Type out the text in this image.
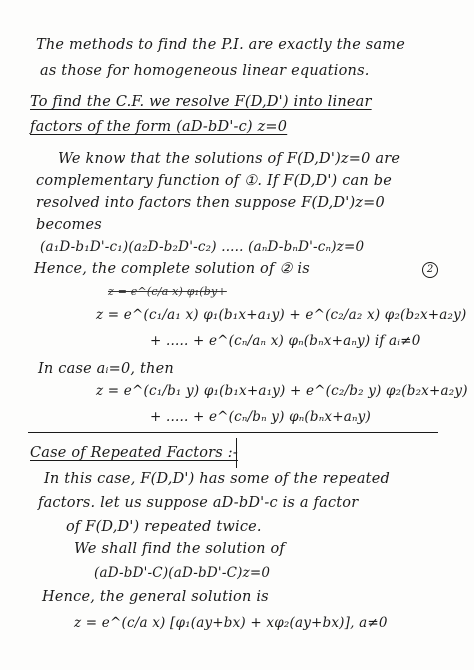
The methods to find the P.I. are exactly the same
as those for homogeneous linear equations.
To find the C.F. we resolve F(D,D') into linear
factors of the form (aD-bD'-c) z=0
We know that the solutions of F(D,D')z=0 are
complementary function of ①. If F(D,D') can be
resolved into factors then suppose F(D,D')z=0
becomes
(a₁D-b₁D'-c₁)(a₂D-b₂D'-c₂) ..... (aₙD-bₙD'-cₙ)z=0
2
Hence, the complete solution of ② is
z = e^(c/a x) φ₁(by+
z = e^(c₁/a₁ x) φ₁(b₁x+a₁y) + e^(c₂/a₂ x) φ₂(b₂x+a₂y)
+ ..... + e^(cₙ/aₙ x) φₙ(bₙx+aₙy) if aᵢ≠0
In case aᵢ=0, then
z = e^(c₁/b₁ y) φ₁(b₁x+a₁y) + e^(c₂/b₂ y) φ₂(b₂x+a₂y)
+ ..... + e^(cₙ/bₙ y) φₙ(bₙx+aₙy)
Case of Repeated Factors :-
In this case, F(D,D') has some of the repeated
factors. let us suppose aD-bD'-c is a factor
of F(D,D') repeated twice.
We shall find the solution of
(aD-bD'-C)(aD-bD'-C)z=0
Hence, the general solution is
z = e^(c/a x) [φ₁(ay+bx) + xφ₂(ay+bx)], a≠0
